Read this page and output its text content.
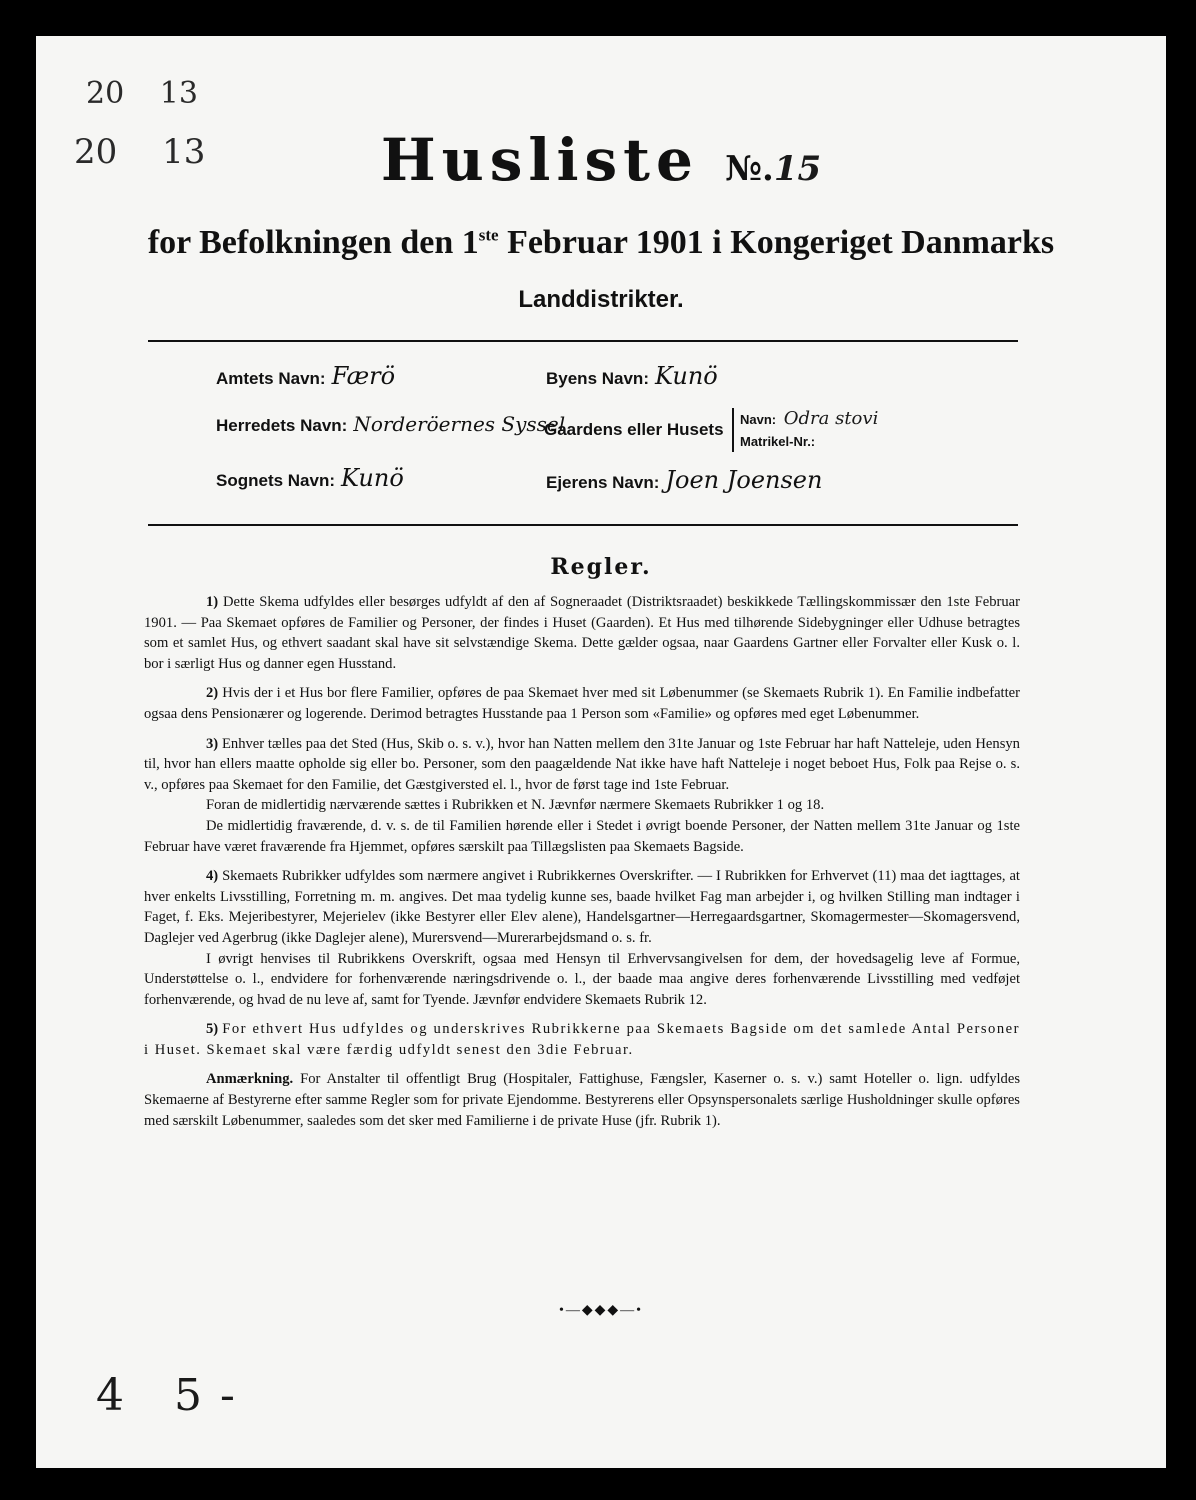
20 13
20 13	Husliste №.15
for Befolkningen den 1ste Februar 1901 i Kongeriget Danmarks
Landdistrikter.
Amtets Navn: Færö	Byens Navn: Kunö
Herredets Navn: Norderöernes Syssel
Gaardens eller Husets
Navn: Odra stovi
Matrikel-Nr.:
Sognets Navn: Kunö	Ejerens Navn: Joen Joensen
Regler.

1) Dette Skema udfyldes eller besørges udfyldt af den af Sogneraadet (Distriktsraadet) beskikkede Tællingskommissær den 1ste Februar 1901. — Paa Skemaet opføres de Familier og Personer, der findes i Huset (Gaarden). Et Hus med tilhørende Sidebygninger eller Udhuse betragtes som et samlet Hus, og ethvert saadant skal have sit selvstændige Skema. Dette gælder ogsaa, naar Gaardens Gartner eller Forvalter eller Kusk o. l. bor i særligt Hus og danner egen Husstand.

2) Hvis der i et Hus bor flere Familier, opføres de paa Skemaet hver med sit Løbenummer (se Skemaets Rubrik 1). En Familie indbefatter ogsaa dens Pensionærer og logerende. Derimod betragtes Husstande paa 1 Person som «Familie» og opføres med eget Løbenummer.

3) Enhver tælles paa det Sted (Hus, Skib o. s. v.), hvor han Natten mellem den 31te Januar og 1ste Februar har haft Natteleje, uden Hensyn til, hvor han ellers maatte opholde sig eller bo. Personer, som den paagældende Nat ikke have haft Natteleje i noget beboet Hus, Folk paa Rejse o. s. v., opføres paa Skemaet for den Familie, det Gæstgiversted el. l., hvor de først tage ind 1ste Februar.

Foran de midlertidig nærværende sættes i Rubrikken et N. Jævnfør nærmere Skemaets Rubrikker 1 og 18.

De midlertidig fraværende, d. v. s. de til Familien hørende eller i Stedet i øvrigt boende Personer, der Natten mellem 31te Januar og 1ste Februar have været fraværende fra Hjemmet, opføres særskilt paa Tillægslisten paa Skemaets Bagside.

4) Skemaets Rubrikker udfyldes som nærmere angivet i Rubrikkernes Overskrifter. — I Rubrikken for Erhvervet (11) maa det iagttages, at hver enkelts Livsstilling, Forretning m. m. angives. Det maa tydelig kunne ses, baade hvilket Fag man arbejder i, og hvilken Stilling man indtager i Faget, f. Eks. Mejeribestyrer, Mejerielev (ikke Bestyrer eller Elev alene), Handelsgartner—Herregaardsgartner, Skomagermester—Skomagersvend, Daglejer ved Agerbrug (ikke Daglejer alene), Murersvend—Murerarbejdsmand o. s. fr.

I øvrigt henvises til Rubrikkens Overskrift, ogsaa med Hensyn til Erhvervsangivelsen for dem, der hovedsagelig leve af Formue, Understøttelse o. l., endvidere for forhenværende næringsdrivende o. l., der baade maa angive deres forhenværende Livsstilling med vedføjet forhenværende, og hvad de nu leve af, samt for Tyende. Jævnfør endvidere Skemaets Rubrik 12.

5) For ethvert Hus udfyldes og underskrives Rubrikkerne paa Skemaets Bagside om det samlede Antal Personer i Huset. Skemaet skal være færdig udfyldt senest den 3die Februar.

Anmærkning. For Anstalter til offentligt Brug (Hospitaler, Fattighuse, Fængsler, Kaserner o. s. v.) samt Hoteller o. lign. udfyldes Skemaerne af Bestyrerne efter samme Regler som for private Ejendomme. Bestyrerens eller Opsynspersonalets særlige Husholdninger skulle opføres med særskilt Løbenummer, saaledes som det sker med Familierne i de private Huse (jfr. Rubrik 1).

•—◆◆◆—•
4 5-
